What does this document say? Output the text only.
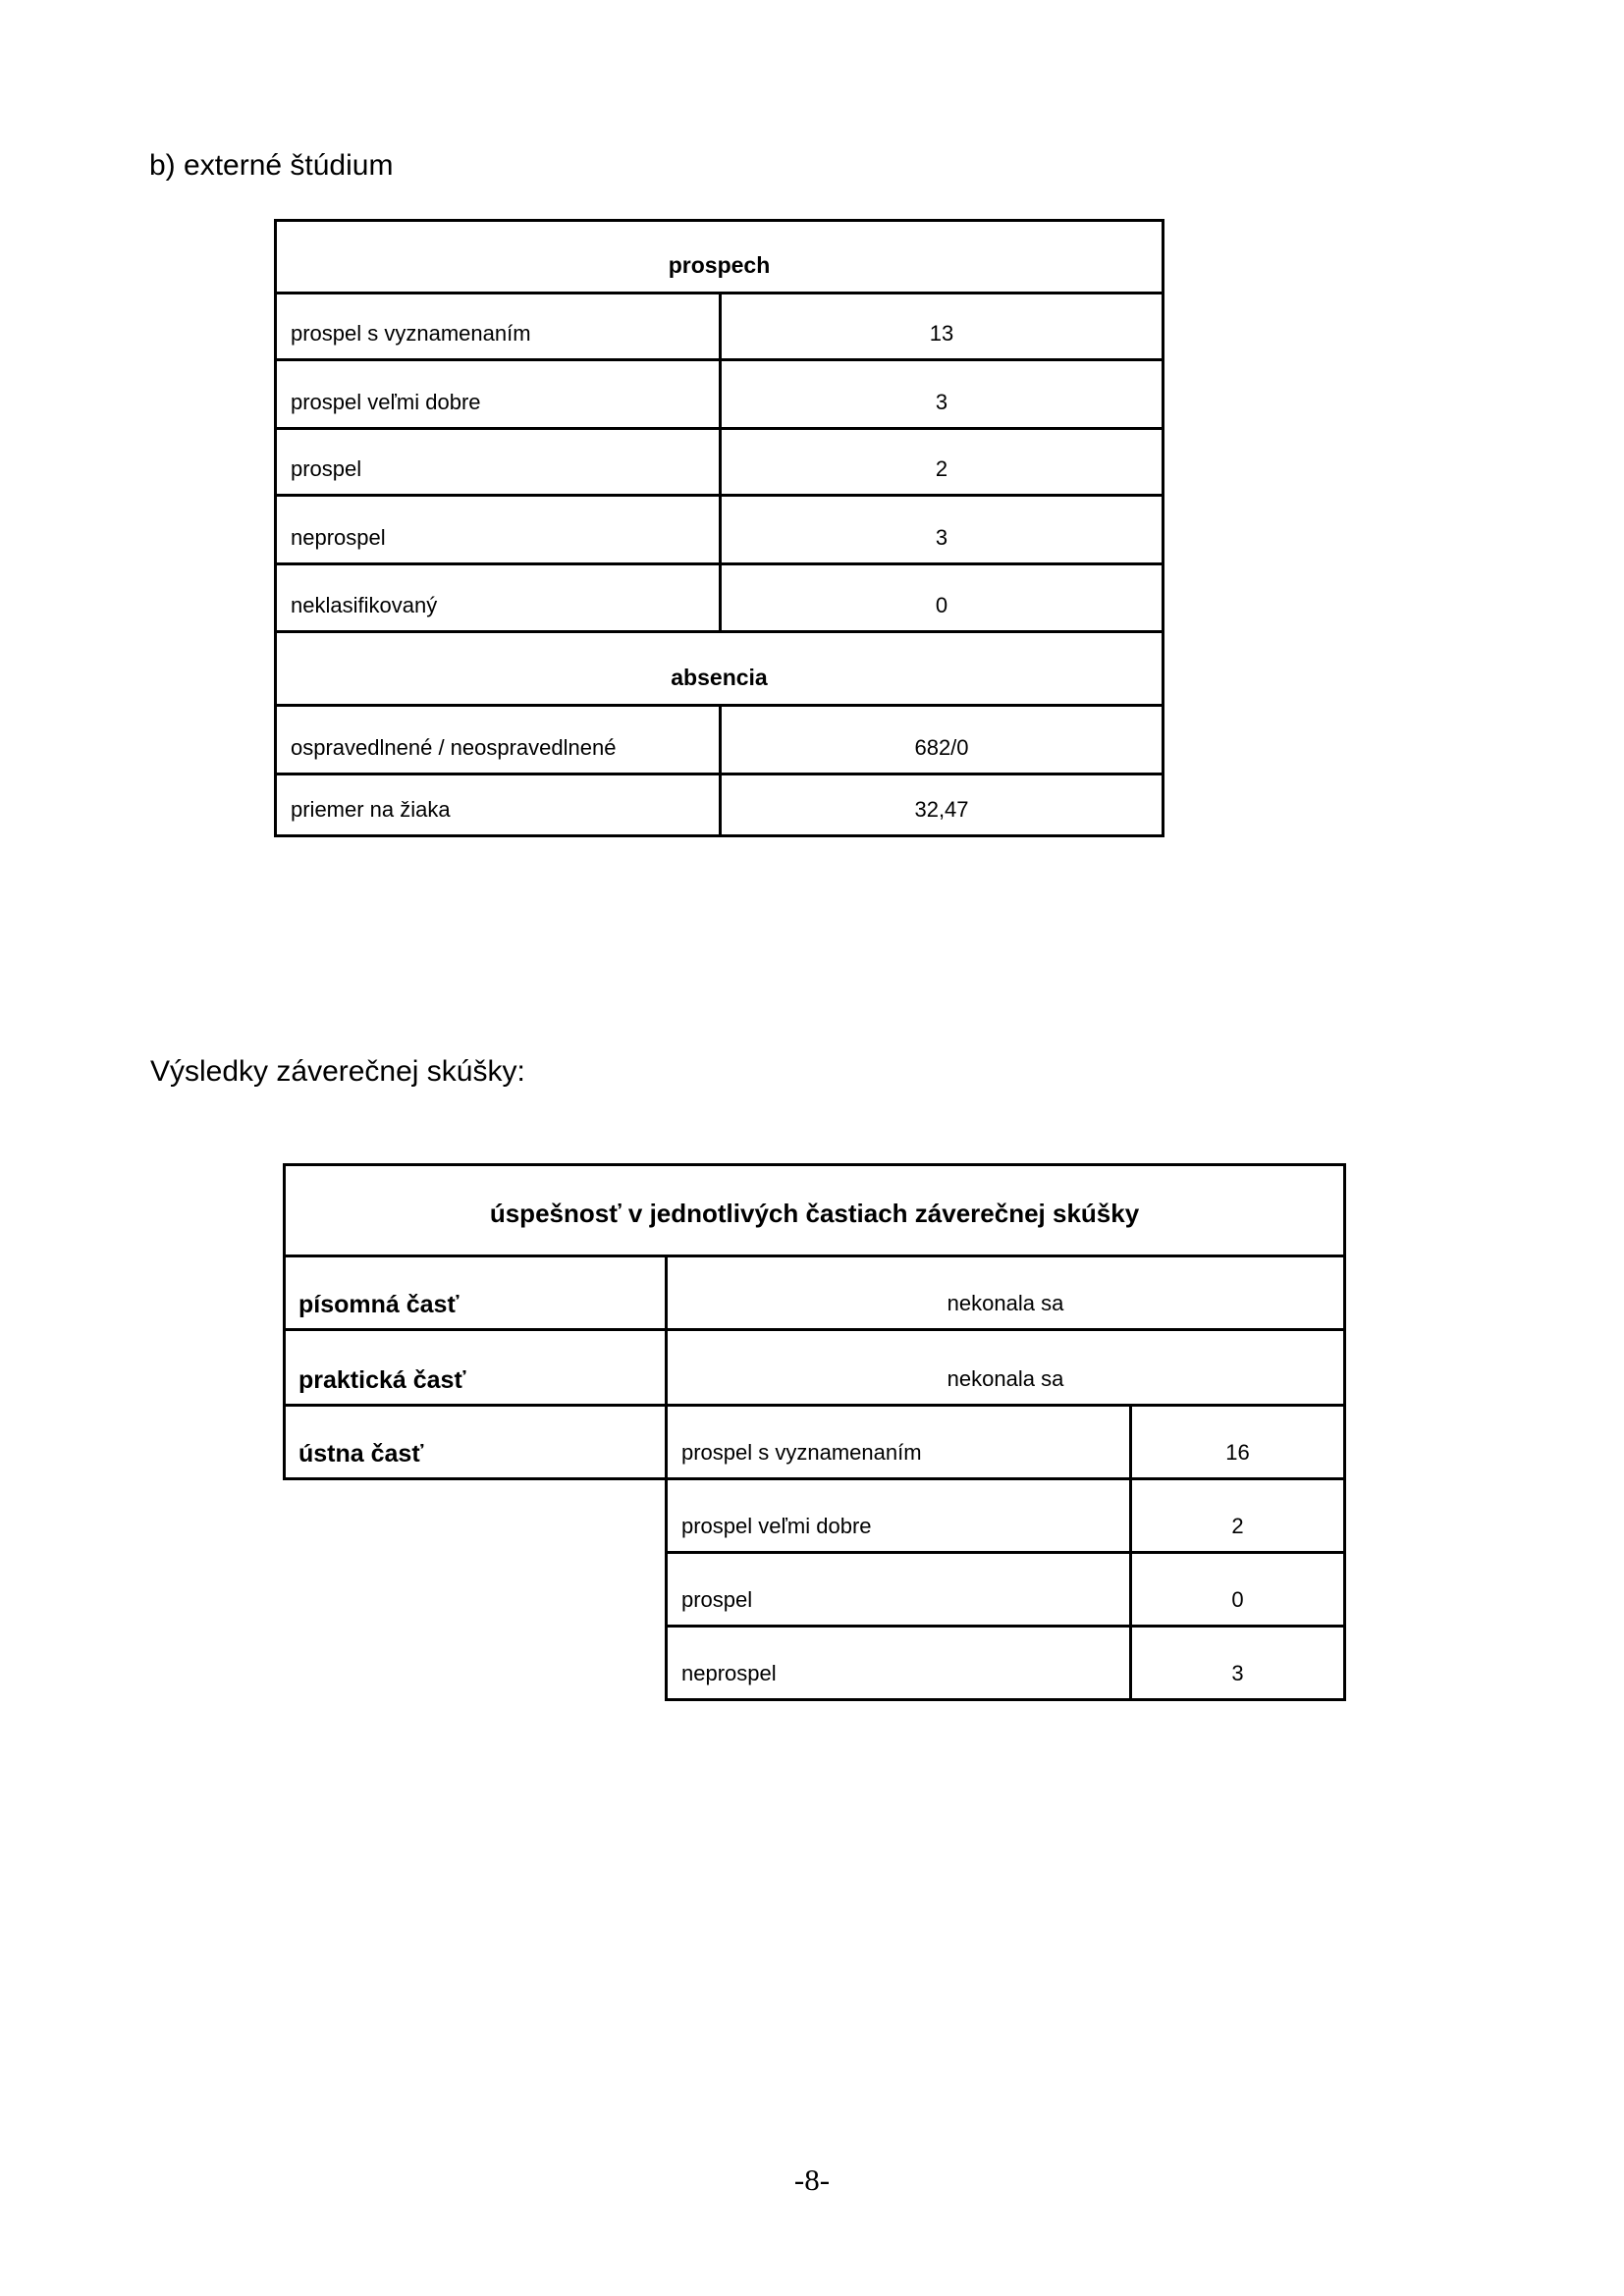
b) externé štúdium
prospech	
prospel s vyznamenaním	13
prospel veľmi dobre	3
prospel	2
neprospel	3
neklasifikovaný	0
absencia	
ospravedlnené / neospravedlnené	682/0
priemer na žiaka	32,47
Výsledky záverečnej skúšky:
úspešnosť v jednotlivých častiach záverečnej skúšky		
písomná časť	nekonala sa	
praktická časť	nekonala sa	
ústna časť	prospel s vyznamenaním	16
	prospel veľmi dobre	2
	prospel	0
	neprospel	3
-8-
